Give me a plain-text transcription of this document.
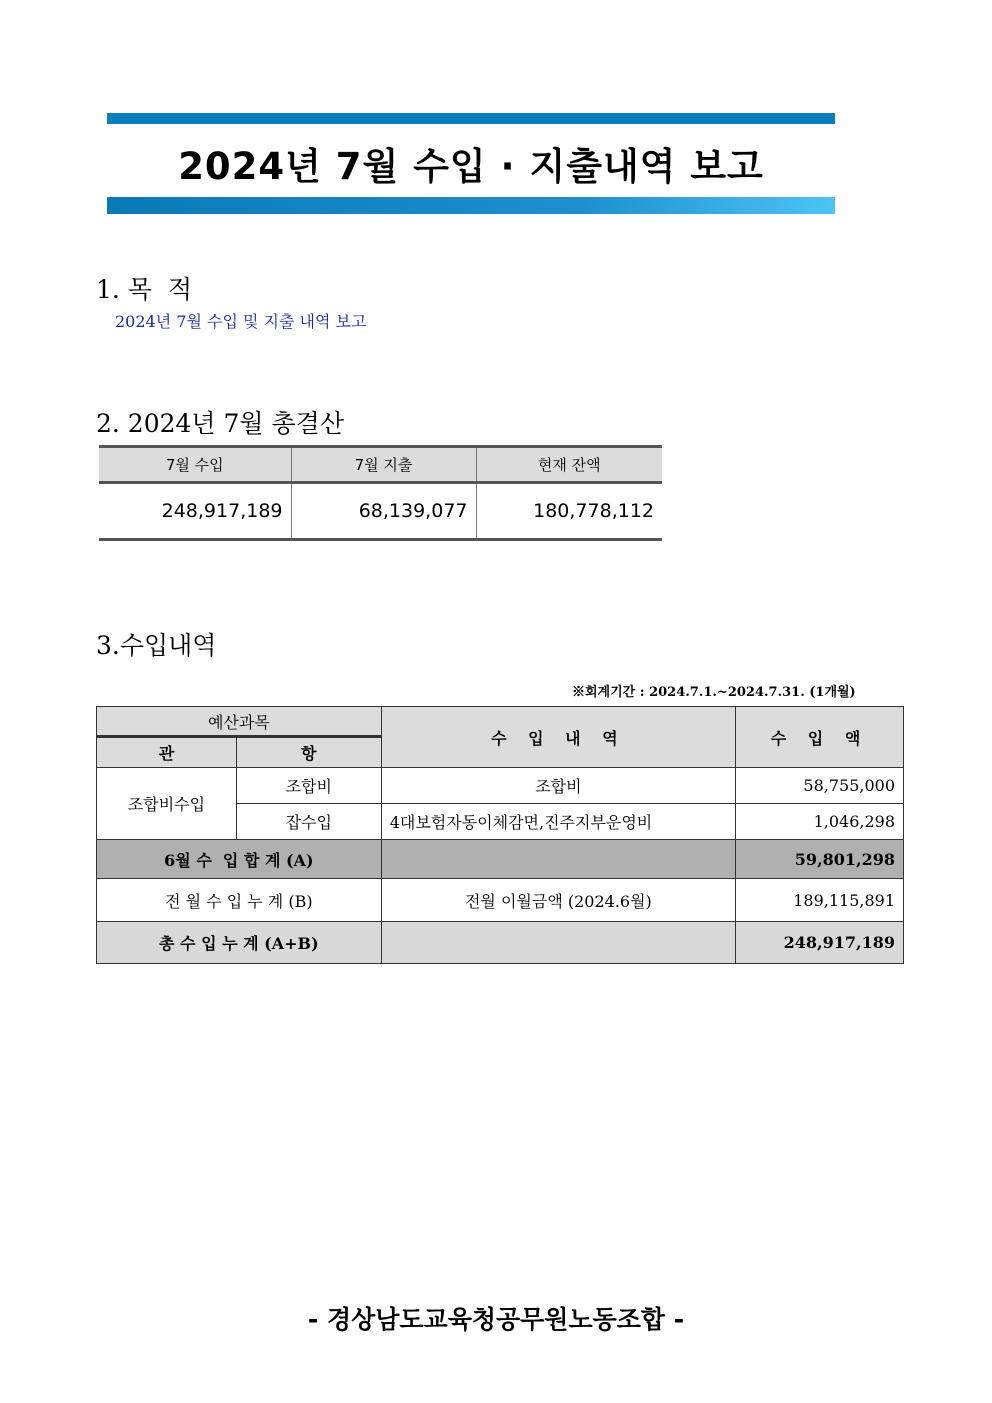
2024년 7월 수입 · 지출내역 보고
1. 목  적
2024년 7월 수입 및 지출 내역 보고
2. 2024년 7월 총결산
7월 수입	7월 지출	현재 잔액
248,917,189	68,139,077	180,778,112
3.수입내역
※회계기간 : 2024.7.1.~2024.7.31. (1개월)
예산과목		수 입 내 역	수 입 액
관	항		
조합비수입	조합비	조합비	58,755,000
	잡수입	4대보험자동이체감면,진주지부운영비	1,046,298
6월 수  입 합 계 (A)			59,801,298
전 월 수 입 누 계 (B)		전월 이월금액 (2024.6월)	189,115,891
총 수 입 누 계 (A+B)			248,917,189
- 경상남도교육청공무원노동조합 -
